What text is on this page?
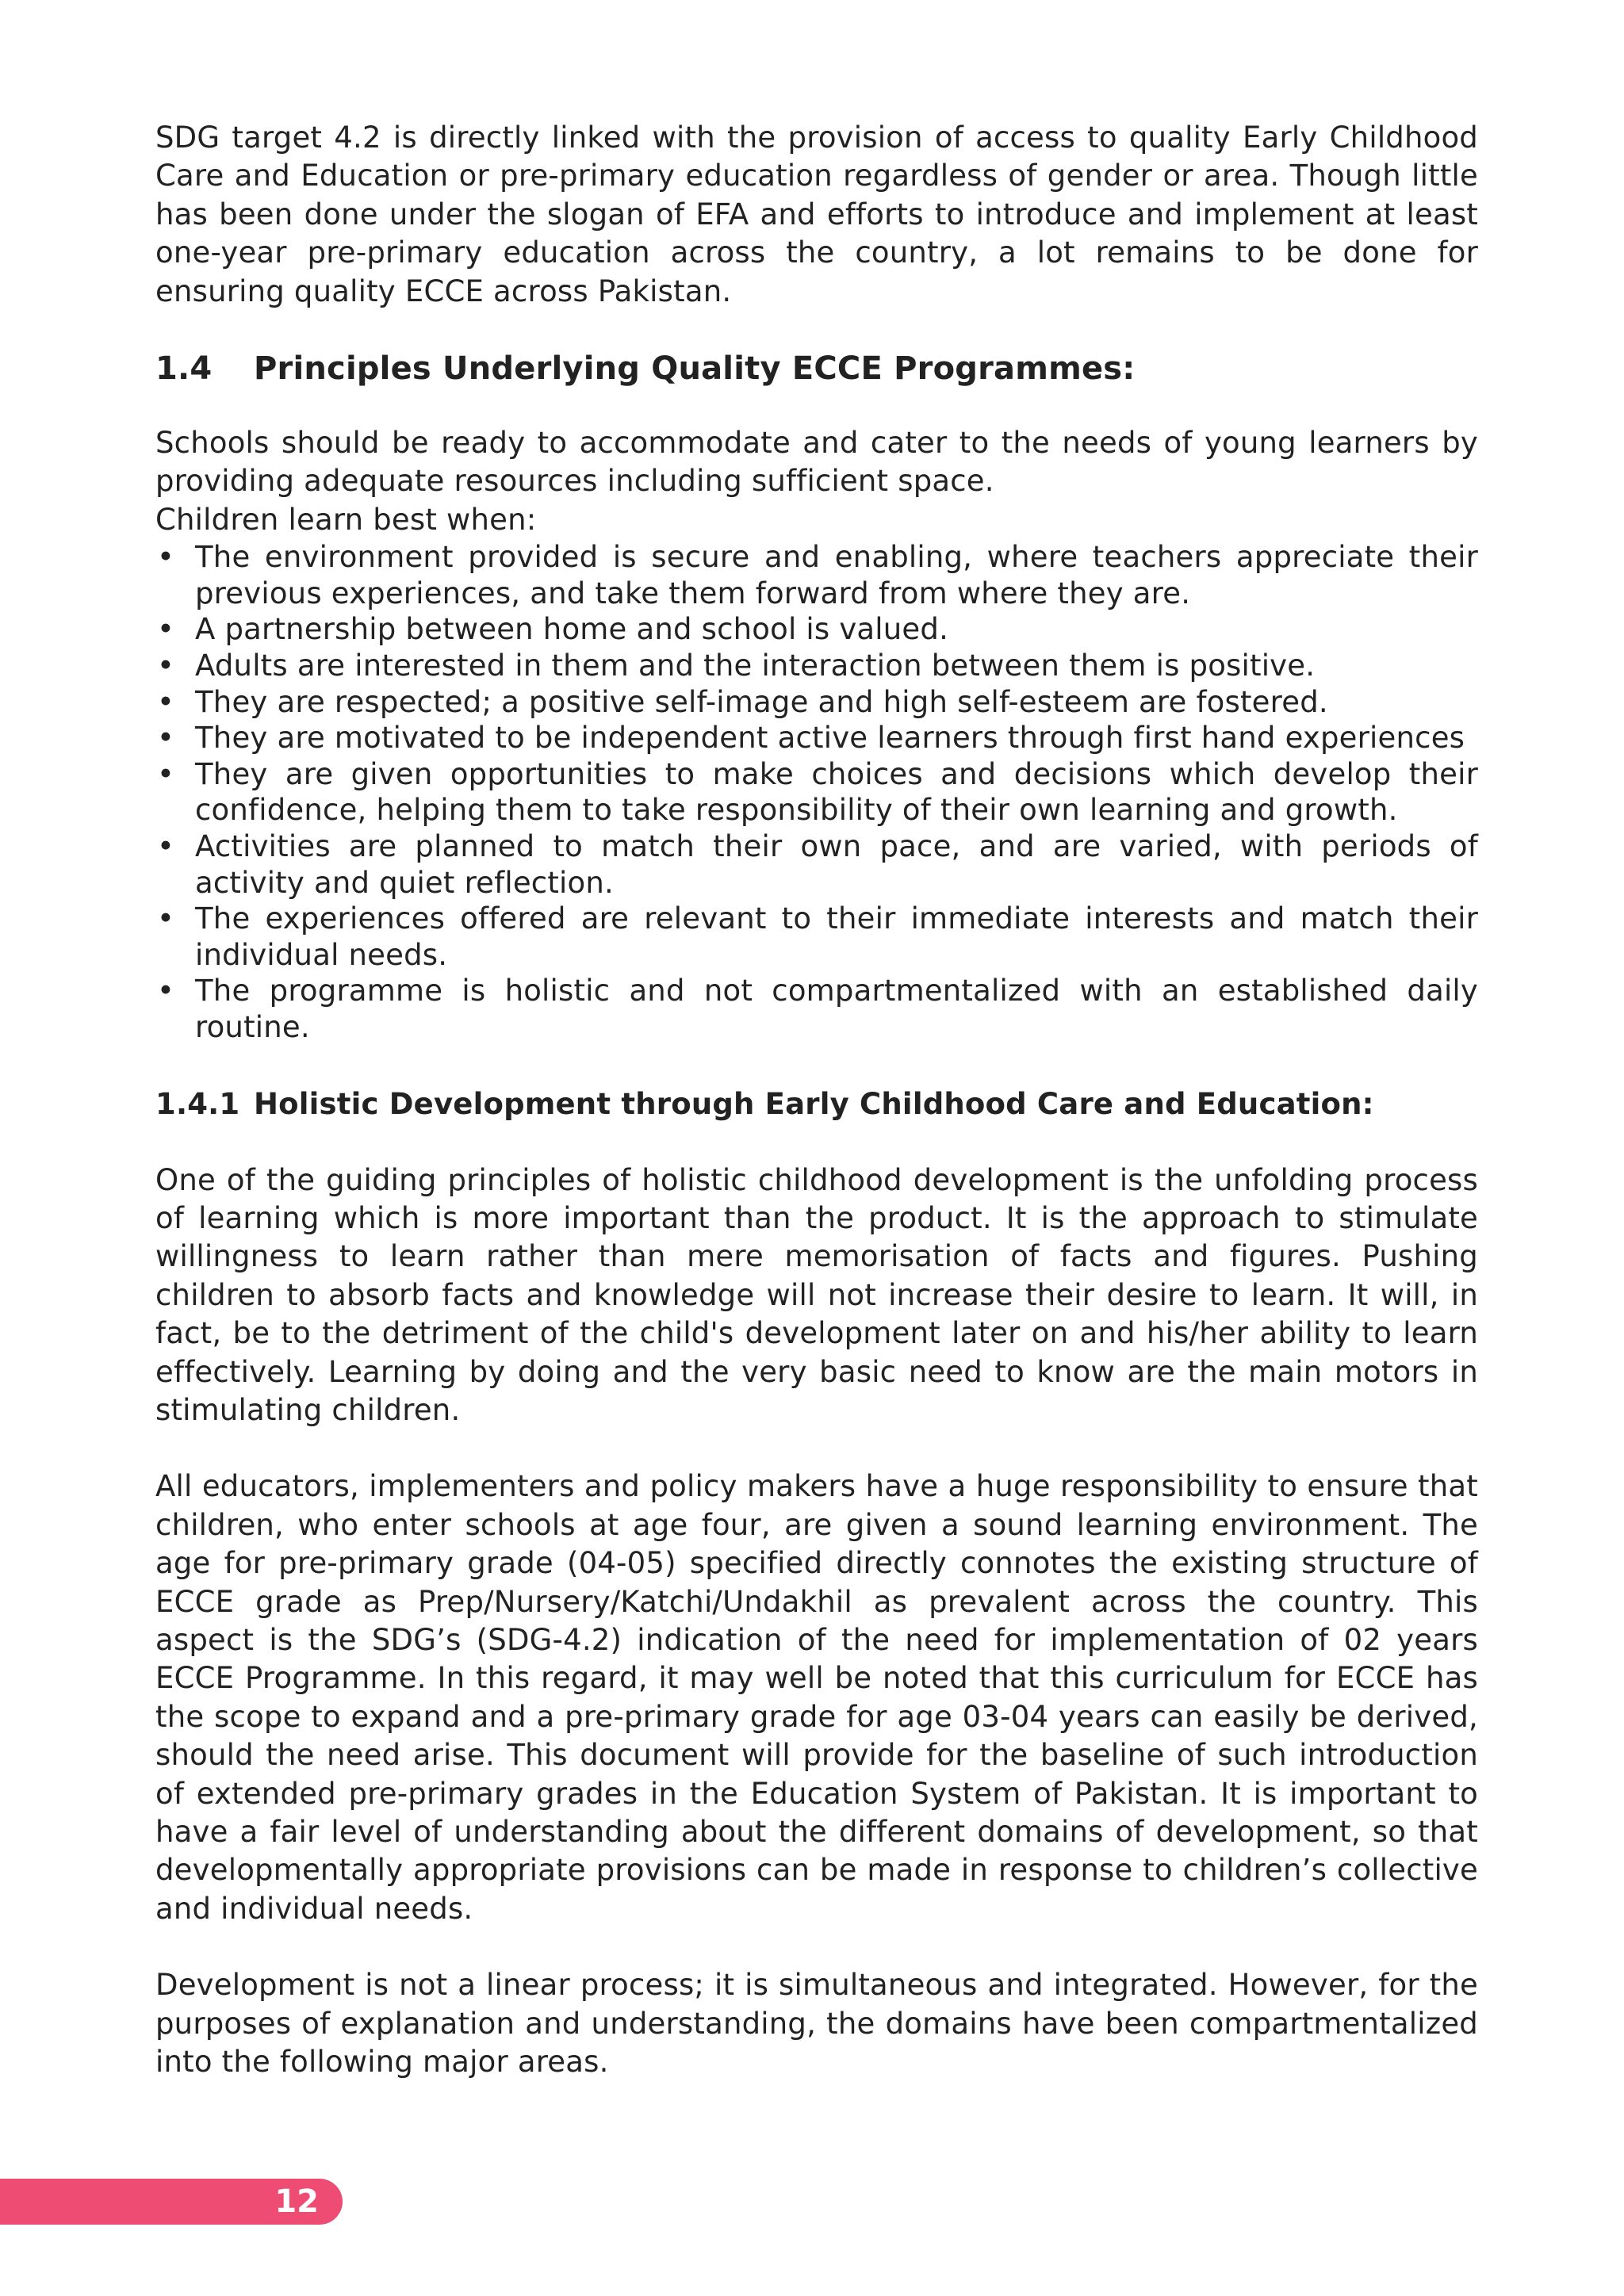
SDG target 4.2 is directly linked with the provision of access to quality Early Childhood Care and Education or pre-primary education regardless of gender or area. Though little has been done under the slogan of EFA and efforts to introduce and implement at least one-year pre-primary education across the country, a lot remains to be done for ensuring quality ECCE across Pakistan.

1.4	Principles Underlying Quality ECCE Programmes:

Schools should be ready to accommodate and cater to the needs of young learners by providing adequate resources including sufficient space.

Children learn best when:

• The environment provided is secure and enabling, where teachers appreciate their previous experiences, and take them forward from where they are.
• A partnership between home and school is valued.
• Adults are interested in them and the interaction between them is positive.
• They are respected; a positive self-image and high self-esteem are fostered.
• They are motivated to be independent active learners through first hand experiences
• They are given opportunities to make choices and decisions which develop their confidence, helping them to take responsibility of their own learning and growth.
• Activities are planned to match their own pace, and are varied, with periods of activity and quiet reflection.
• The experiences offered are relevant to their immediate interests and match their individual needs.
• The programme is holistic and not compartmentalized with an established daily routine.
1.4.1 Holistic Development through Early Childhood Care and Education:

One of the guiding principles of holistic childhood development is the unfolding process of learning which is more important than the product. It is the approach to stimulate willingness to learn rather than mere memorisation of facts and figures. Pushing children to absorb facts and knowledge will not increase their desire to learn. It will, in fact, be to the detriment of the child's development later on and his/her ability to learn effectively. Learning by doing and the very basic need to know are the main motors in stimulating children.

All educators, implementers and policy makers have a huge responsibility to ensure that children, who enter schools at age four, are given a sound learning environment. The age for pre-primary grade (04-05) specified directly connotes the existing structure of ECCE grade as Prep/Nursery/Katchi/Undakhil as prevalent across the country. This aspect is the SDG’s (SDG-4.2) indication of the need for implementation of 02 years ECCE Programme. In this regard, it may well be noted that this curriculum for ECCE has the scope to expand and a pre-primary grade for age 03-04 years can easily be derived, should the need arise. This document will provide for the baseline of such introduction of extended pre-primary grades in the Education System of Pakistan. It is important to have a fair level of understanding about the different domains of development, so that developmentally appropriate provisions can be made in response to children’s collective and individual needs.

Development is not a linear process; it is simultaneous and integrated. However, for the purposes of explanation and understanding, the domains have been compartmentalized into the following major areas.

12
